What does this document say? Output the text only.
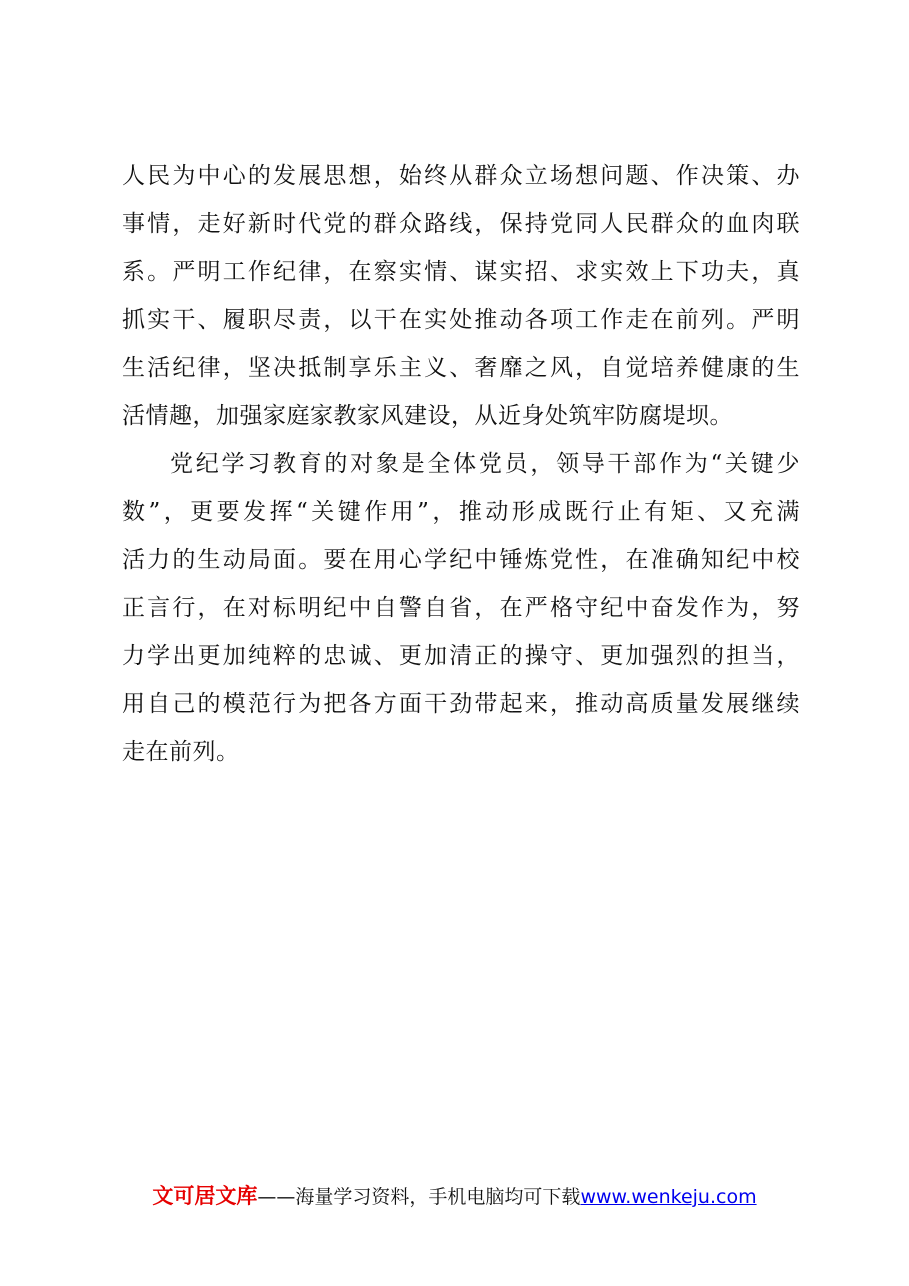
人民为中心的发展思想，始终从群众立场想问题、作决策、办
事情，走好新时代党的群众路线，保持党同人民群众的血肉联
系。严明工作纪律，在察实情、谋实招、求实效上下功夫，真
抓实干、履职尽责，以干在实处推动各项工作走在前列。严明
生活纪律，坚决抵制享乐主义、奢靡之风，自觉培养健康的生
活情趣，加强家庭家教家风建设，从近身处筑牢防腐堤坝。
党纪学习教育的对象是全体党员，领导干部作为“关键少
数”，更要发挥“关键作用”，推动形成既行止有矩、又充满
活力的生动局面。要在用心学纪中锤炼党性，在准确知纪中校
正言行，在对标明纪中自警自省，在严格守纪中奋发作为，努
力学出更加纯粹的忠诚、更加清正的操守、更加强烈的担当，
用自己的模范行为把各方面干劲带起来，推动高质量发展继续
走在前列。
文可居文库——海量学习资料，手机电脑均可下载www.wenkeju.com
